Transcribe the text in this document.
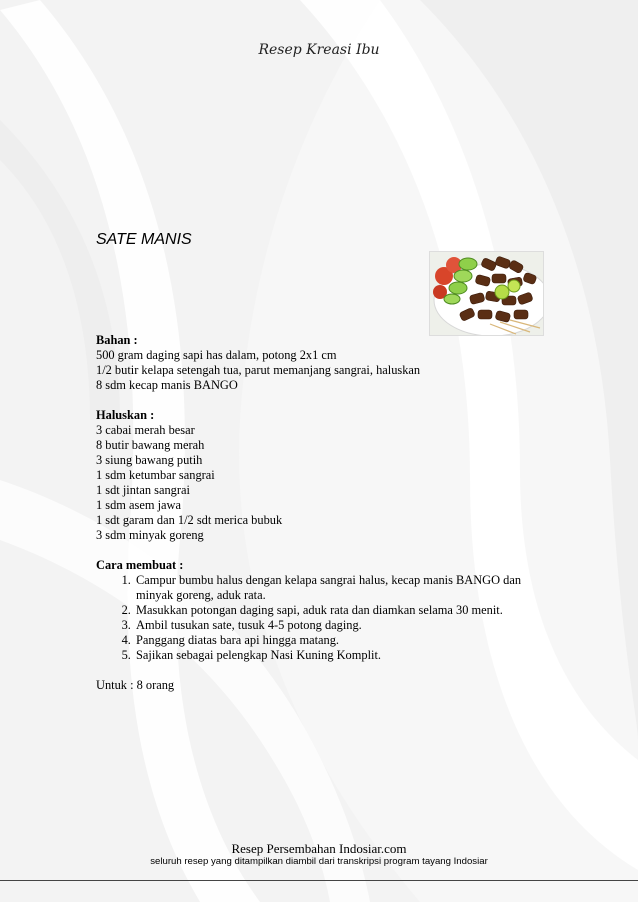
Resep Kreasi Ibu
SATE MANIS
Bahan :
500 gram daging sapi has dalam, potong 2x1 cm
1/2 butir kelapa setengah tua, parut memanjang sangrai, haluskan
8 sdm kecap manis BANGO
Haluskan :
3 cabai merah besar
8 butir bawang merah
3 siung bawang putih
1 sdm ketumbar sangrai
1 sdt jintan sangrai
1 sdm asem jawa
1 sdt garam dan 1/2 sdt merica bubuk
3 sdm minyak goreng
Cara membuat :
1. Campur bumbu halus dengan kelapa sangrai halus, kecap manis BANGO dan minyak goreng, aduk rata.
2. Masukkan potongan daging sapi, aduk rata dan diamkan selama 30 menit.
3. Ambil tusukan sate, tusuk 4-5 potong daging.
4. Panggang diatas bara api hingga matang.
5. Sajikan sebagai pelengkap Nasi Kuning Komplit.
Untuk : 8 orang
Resep Persembahan Indosiar.com
seluruh resep yang ditampilkan diambil dari transkripsi program tayang Indosiar
